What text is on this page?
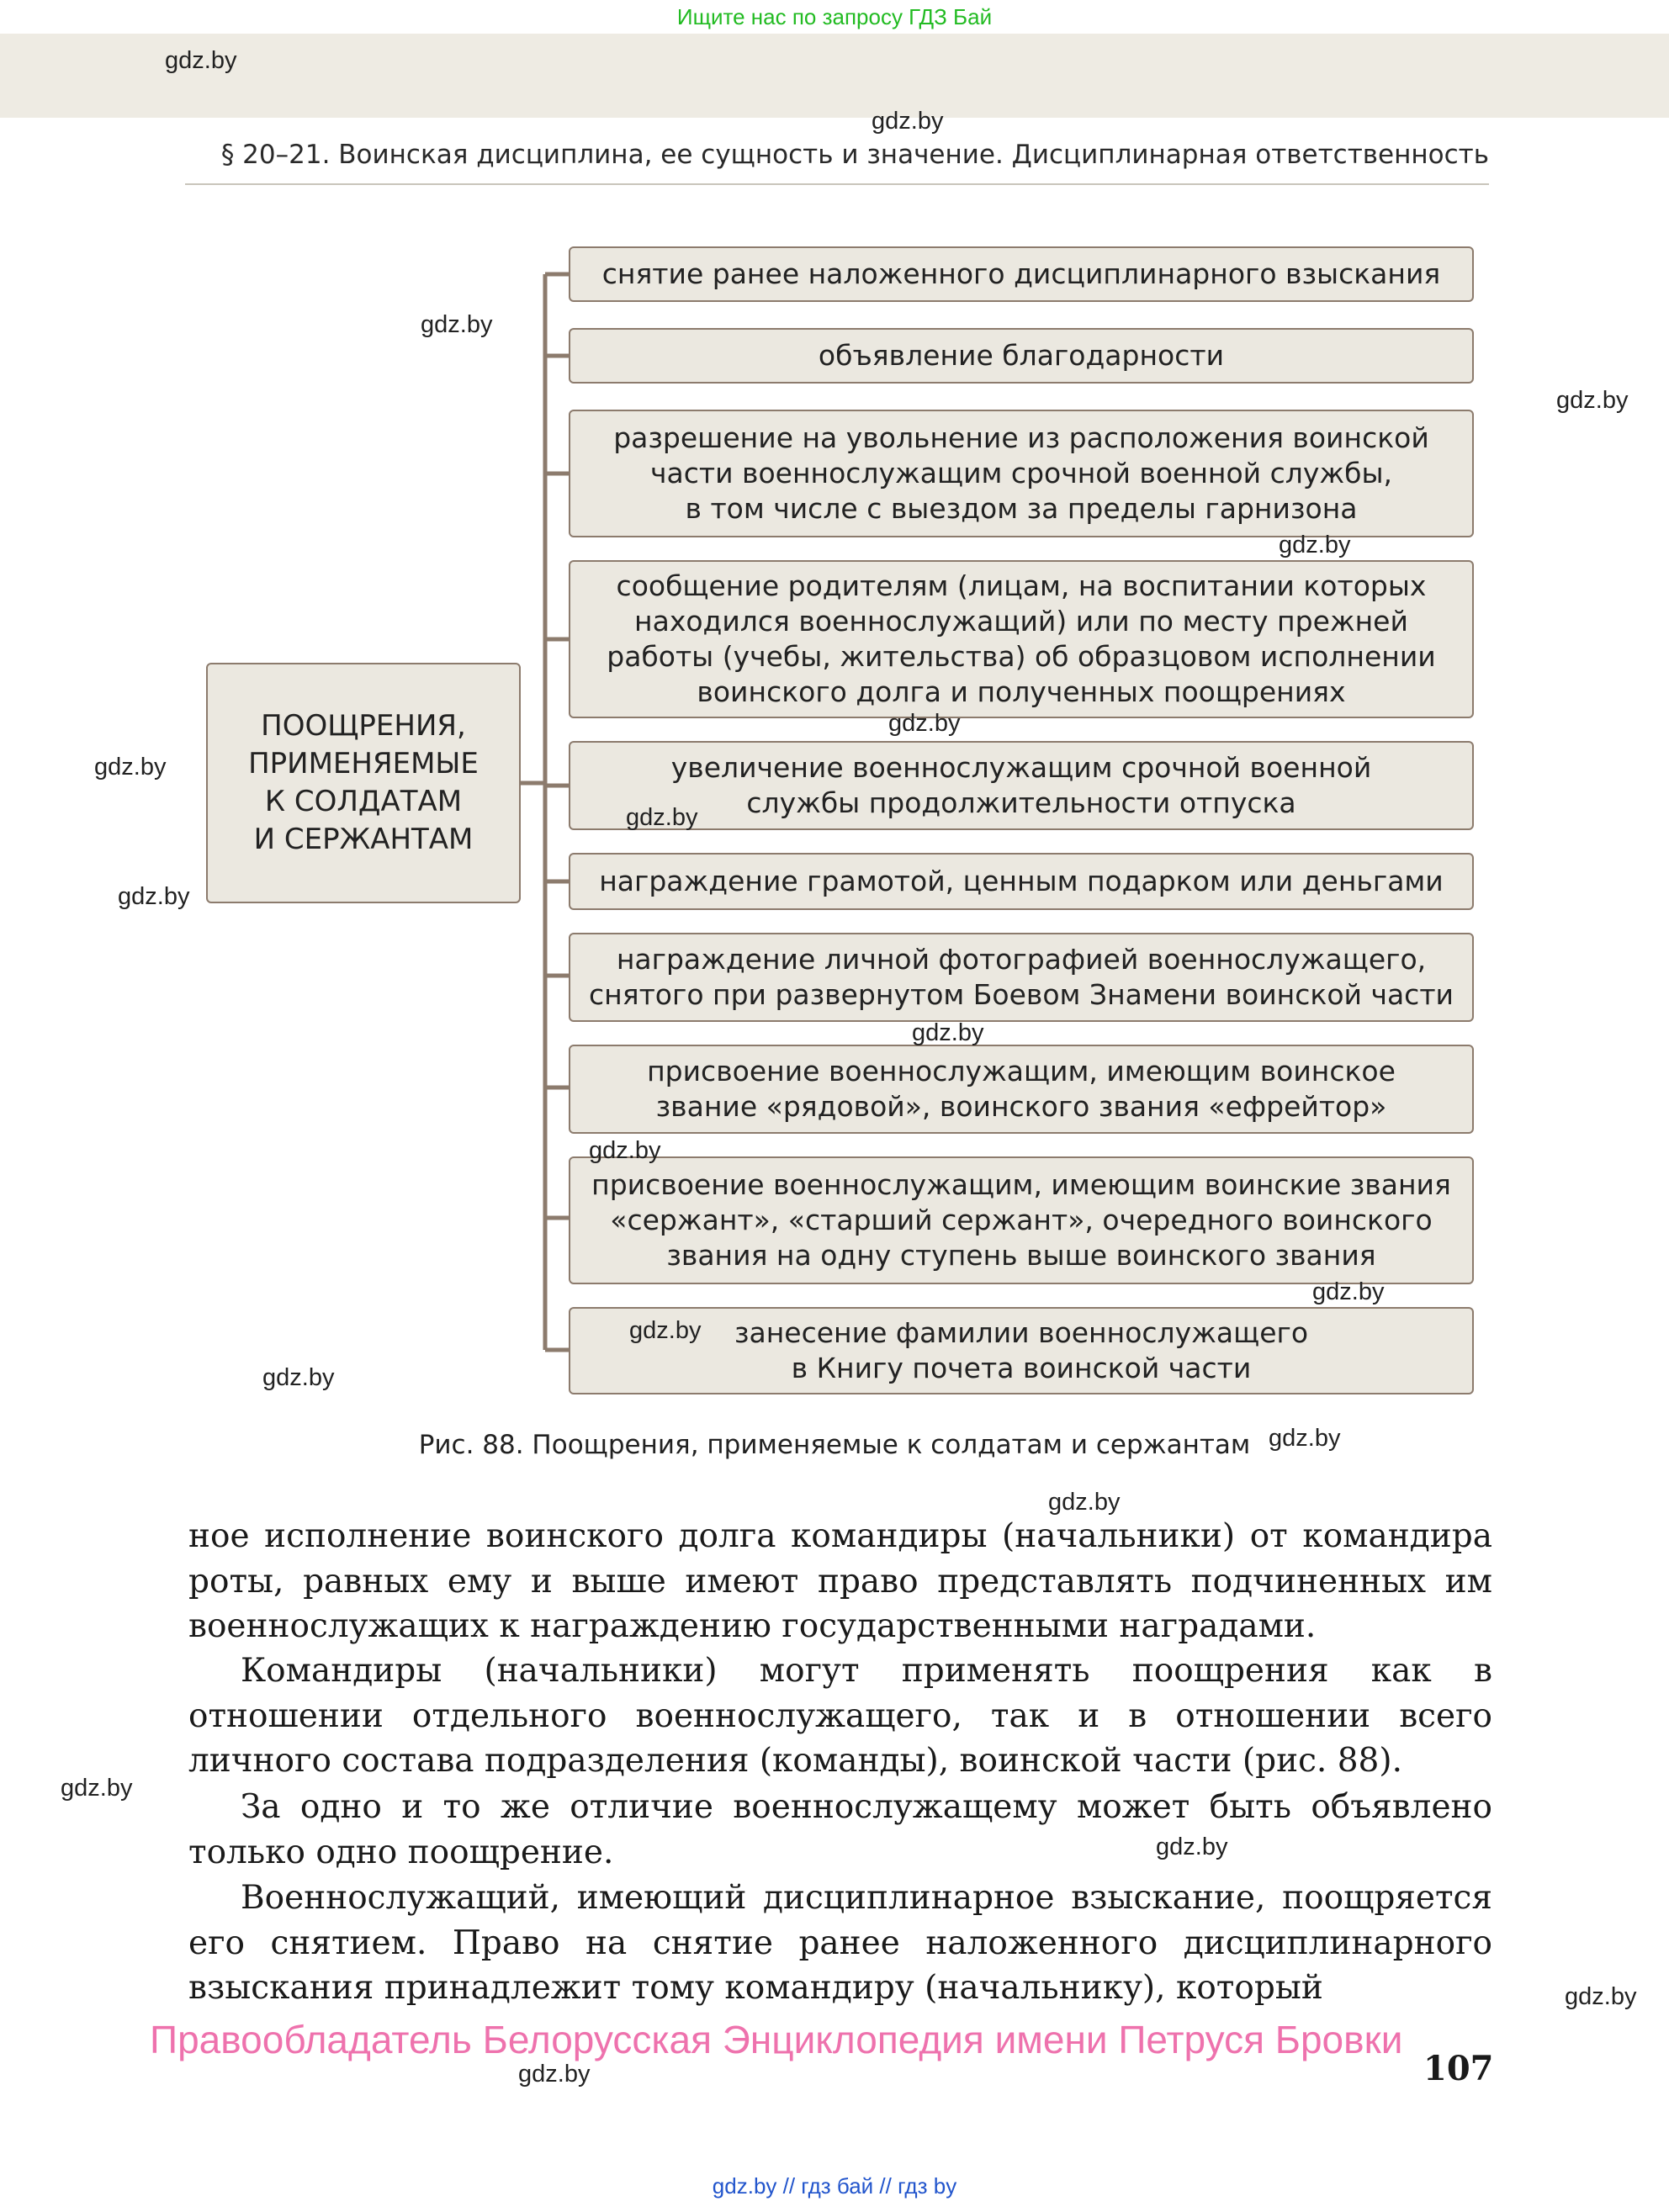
Ищите нас по запросу ГДЗ Бай
§ 20–21. Воинская дисциплина, ее сущность и значение. Дисциплинарная ответственность
ПООЩРЕНИЯ,
ПРИМЕНЯЕМЫЕ
К СОЛДАТАМ
И СЕРЖАНТАМ
снятие ранее наложенного дисциплинарного взыскания
объявление благодарности
разрешение на увольнение из расположения воинской
части военнослужащим срочной военной службы,
в том числе с выездом за пределы гарнизона
сообщение родителям (лицам, на воспитании которых
находился военнослужащий) или по месту прежней
работы (учебы, жительства) об образцовом исполнении
воинского долга и полученных поощрениях
увеличение военнослужащим срочной военной
службы продолжительности отпуска
награждение грамотой, ценным подарком или деньгами
награждение личной фотографией военнослужащего,
снятого при развернутом Боевом Знамени воинской части
присвоение военнослужащим, имеющим воинское
звание «рядовой», воинского звания «ефрейтор»
присвоение военнослужащим, имеющим воинские звания
«сержант», «старший сержант», очередного воинского
звания на одну ступень выше воинского звания
занесение фамилии военнослужащего
в Книгу почета воинской части
Рис. 88. Поощрения, применяемые к солдатам и сержантам

ное исполнение воинского долга командиры (начальники) от командира роты, равных ему и выше имеют право представлять подчиненных им военнослужащих к награждению государственными наградами.

Командиры (начальники) могут применять поощрения как в отношении отдельного военнослужащего, так и в отношении всего личного состава подразделения (команды), воинской части (рис. 88).

За одно и то же отличие военнослужащему может быть объявлено только одно поощрение.

Военнослужащий, имеющий дисциплинарное взыскание, поощряется его снятием. Право на снятие ранее наложенного дисциплинарного взыскания принадлежит тому командиру (начальнику), который

Правообладатель Белорусская Энциклопедия имени Петруся Бровки
107
gdz.by // гдз бай // гдз by
gdz.by
gdz.by
gdz.by
gdz.by
gdz.by
gdz.by
gdz.by
gdz.by
gdz.by
gdz.by
gdz.by
gdz.by
gdz.by
gdz.by
gdz.by
gdz.by
gdz.by
gdz.by
gdz.by
gdz.by
